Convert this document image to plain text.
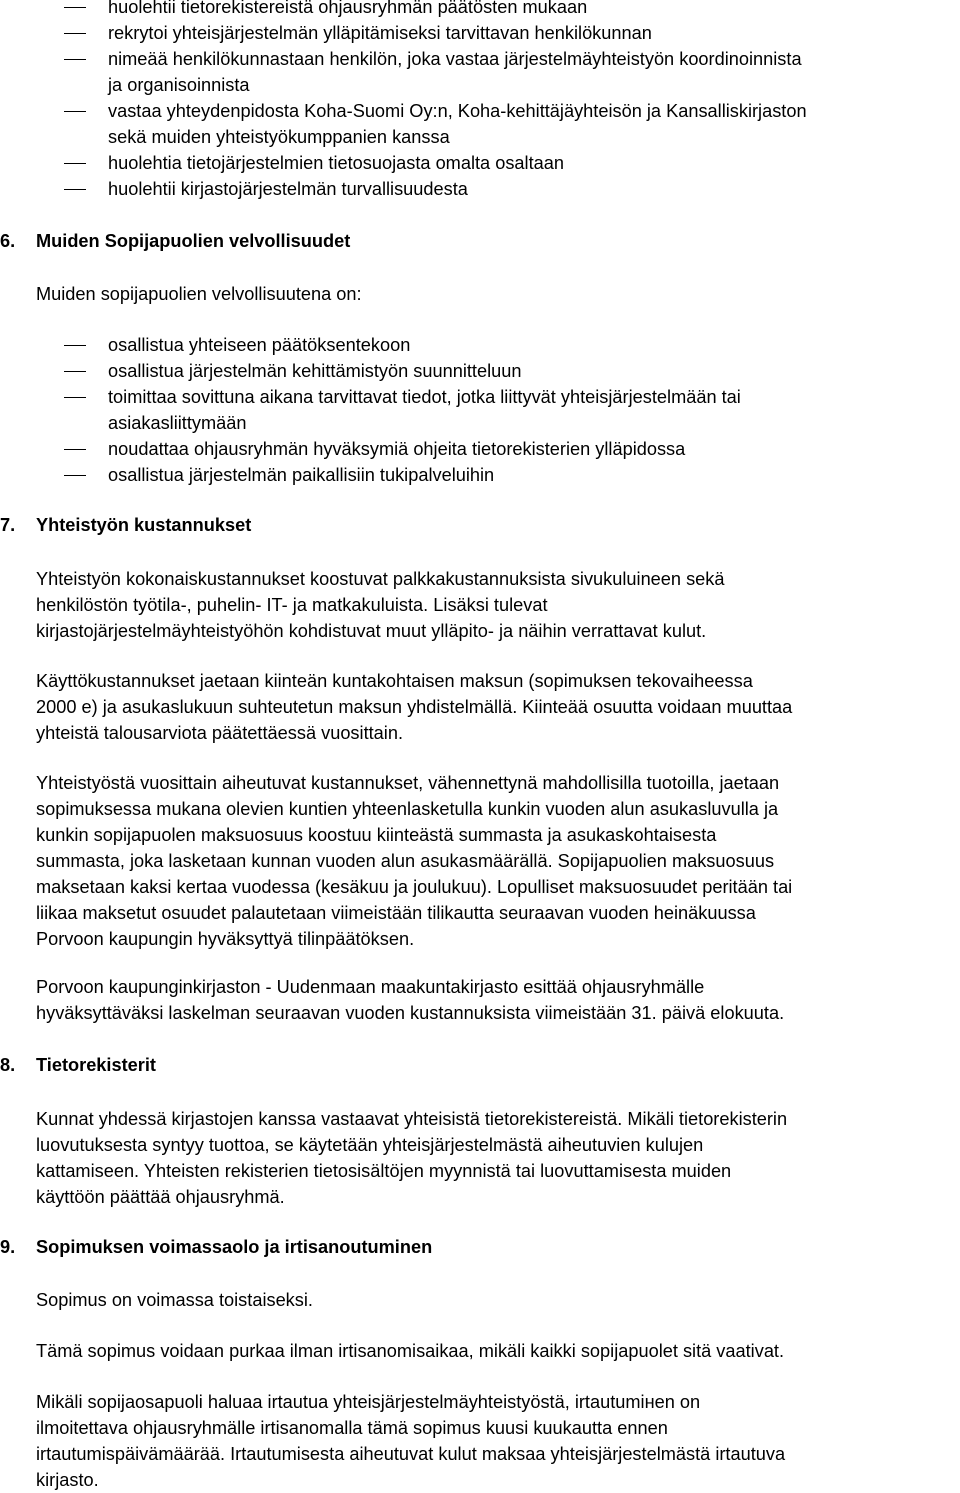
huolehtii tietorekistereistä ohjausryhmän päätösten mukaan
rekrytoi yhteisjärjestelmän ylläpitämiseksi tarvittavan henkilökunnan
nimeää henkilökunnastaan henkilön, joka vastaa järjestelmäyhteistyön koordinoinnista
ja organisoinnista
vastaa yhteydenpidosta Koha-Suomi Oy:n, Koha-kehittäjäyhteisön ja Kansalliskirjaston
sekä muiden yhteistyökumppanien kanssa
huolehtia tietojärjestelmien tietosuojasta omalta osaltaan
huolehtii kirjastojärjestelmän turvallisuudesta
6. Muiden Sopijapuolien velvollisuudet

Muiden sopijapuolien velvollisuutena on:

osallistua yhteiseen päätöksentekoon
osallistua järjestelmän kehittämistyön suunnitteluun
toimittaa sovittuna aikana tarvittavat tiedot, jotka liittyvät yhteisjärjestelmään tai
asiakasliittymään
noudattaa ohjausryhmän hyväksymiä ohjeita tietorekisterien ylläpidossa
osallistua järjestelmän paikallisiin tukipalveluihin
7. Yhteistyön kustannukset

Yhteistyön kokonaiskustannukset koostuvat palkkakustannuksista sivukuluineen sekä
henkilöstön työtila-, puhelin- IT- ja matkakuluista. Lisäksi tulevat
kirjastojärjestelmäyhteistyöhön kohdistuvat muut ylläpito- ja näihin verrattavat kulut.

Käyttökustannukset jaetaan kiinteän kuntakohtaisen maksun (sopimuksen tekovaiheessa
2000 e) ja asukaslukuun suhteutetun maksun yhdistelmällä. Kiinteää osuutta voidaan muuttaa
yhteistä talousarviota päätettäessä vuosittain.

Yhteistyöstä vuosittain aiheutuvat kustannukset, vähennettynä mahdollisilla tuotoilla, jaetaan
sopimuksessa mukana olevien kuntien yhteenlasketulla kunkin vuoden alun asukasluvulla ja
kunkin sopijapuolen maksuosuus koostuu kiinteästä summasta ja asukaskohtaisesta
summasta, joka lasketaan kunnan vuoden alun asukasmäärällä. Sopijapuolien maksuosuus
maksetaan kaksi kertaa vuodessa (kesäkuu ja joulukuu). Lopulliset maksuosuudet peritään tai
liikaa maksetut osuudet palautetaan viimeistään tilikautta seuraavan vuoden heinäkuussa
Porvoon kaupungin hyväksyttyä tilinpäätöksen.

Porvoon kaupunginkirjaston - Uudenmaan maakuntakirjasto esittää ohjausryhmälle
hyväksyttäväksi laskelman seuraavan vuoden kustannuksista viimeistään 31. päivä elokuuta.

8. Tietorekisterit

Kunnat yhdessä kirjastojen kanssa vastaavat yhteisistä tietorekistereistä. Mikäli tietorekisterin
luovutuksesta syntyy tuottoa, se käytetään yhteisjärjestelmästä aiheutuvien kulujen
kattamiseen. Yhteisten rekisterien tietosisältöjen myynnistä tai luovuttamisesta muiden
käyttöön päättää ohjausryhmä.

9. Sopimuksen voimassaolo ja irtisanoutuminen

Sopimus on voimassa toistaiseksi.

Tämä sopimus voidaan purkaa ilman irtisanomisaikaa, mikäli kaikki sopijapuolet sitä vaativat.

Mikäli sopijaosapuoli haluaa irtautua yhteisjärjestelmäyhteistyöstä, irtautumінen on
ilmoitettava ohjausryhmälle irtisanomalla tämä sopimus kuusi kuukautta ennen
irtautumispäivämäärää. Irtautumisesta aiheutuvat kulut maksaa yhteisjärjestelmästä irtautuva
kirjasto.
